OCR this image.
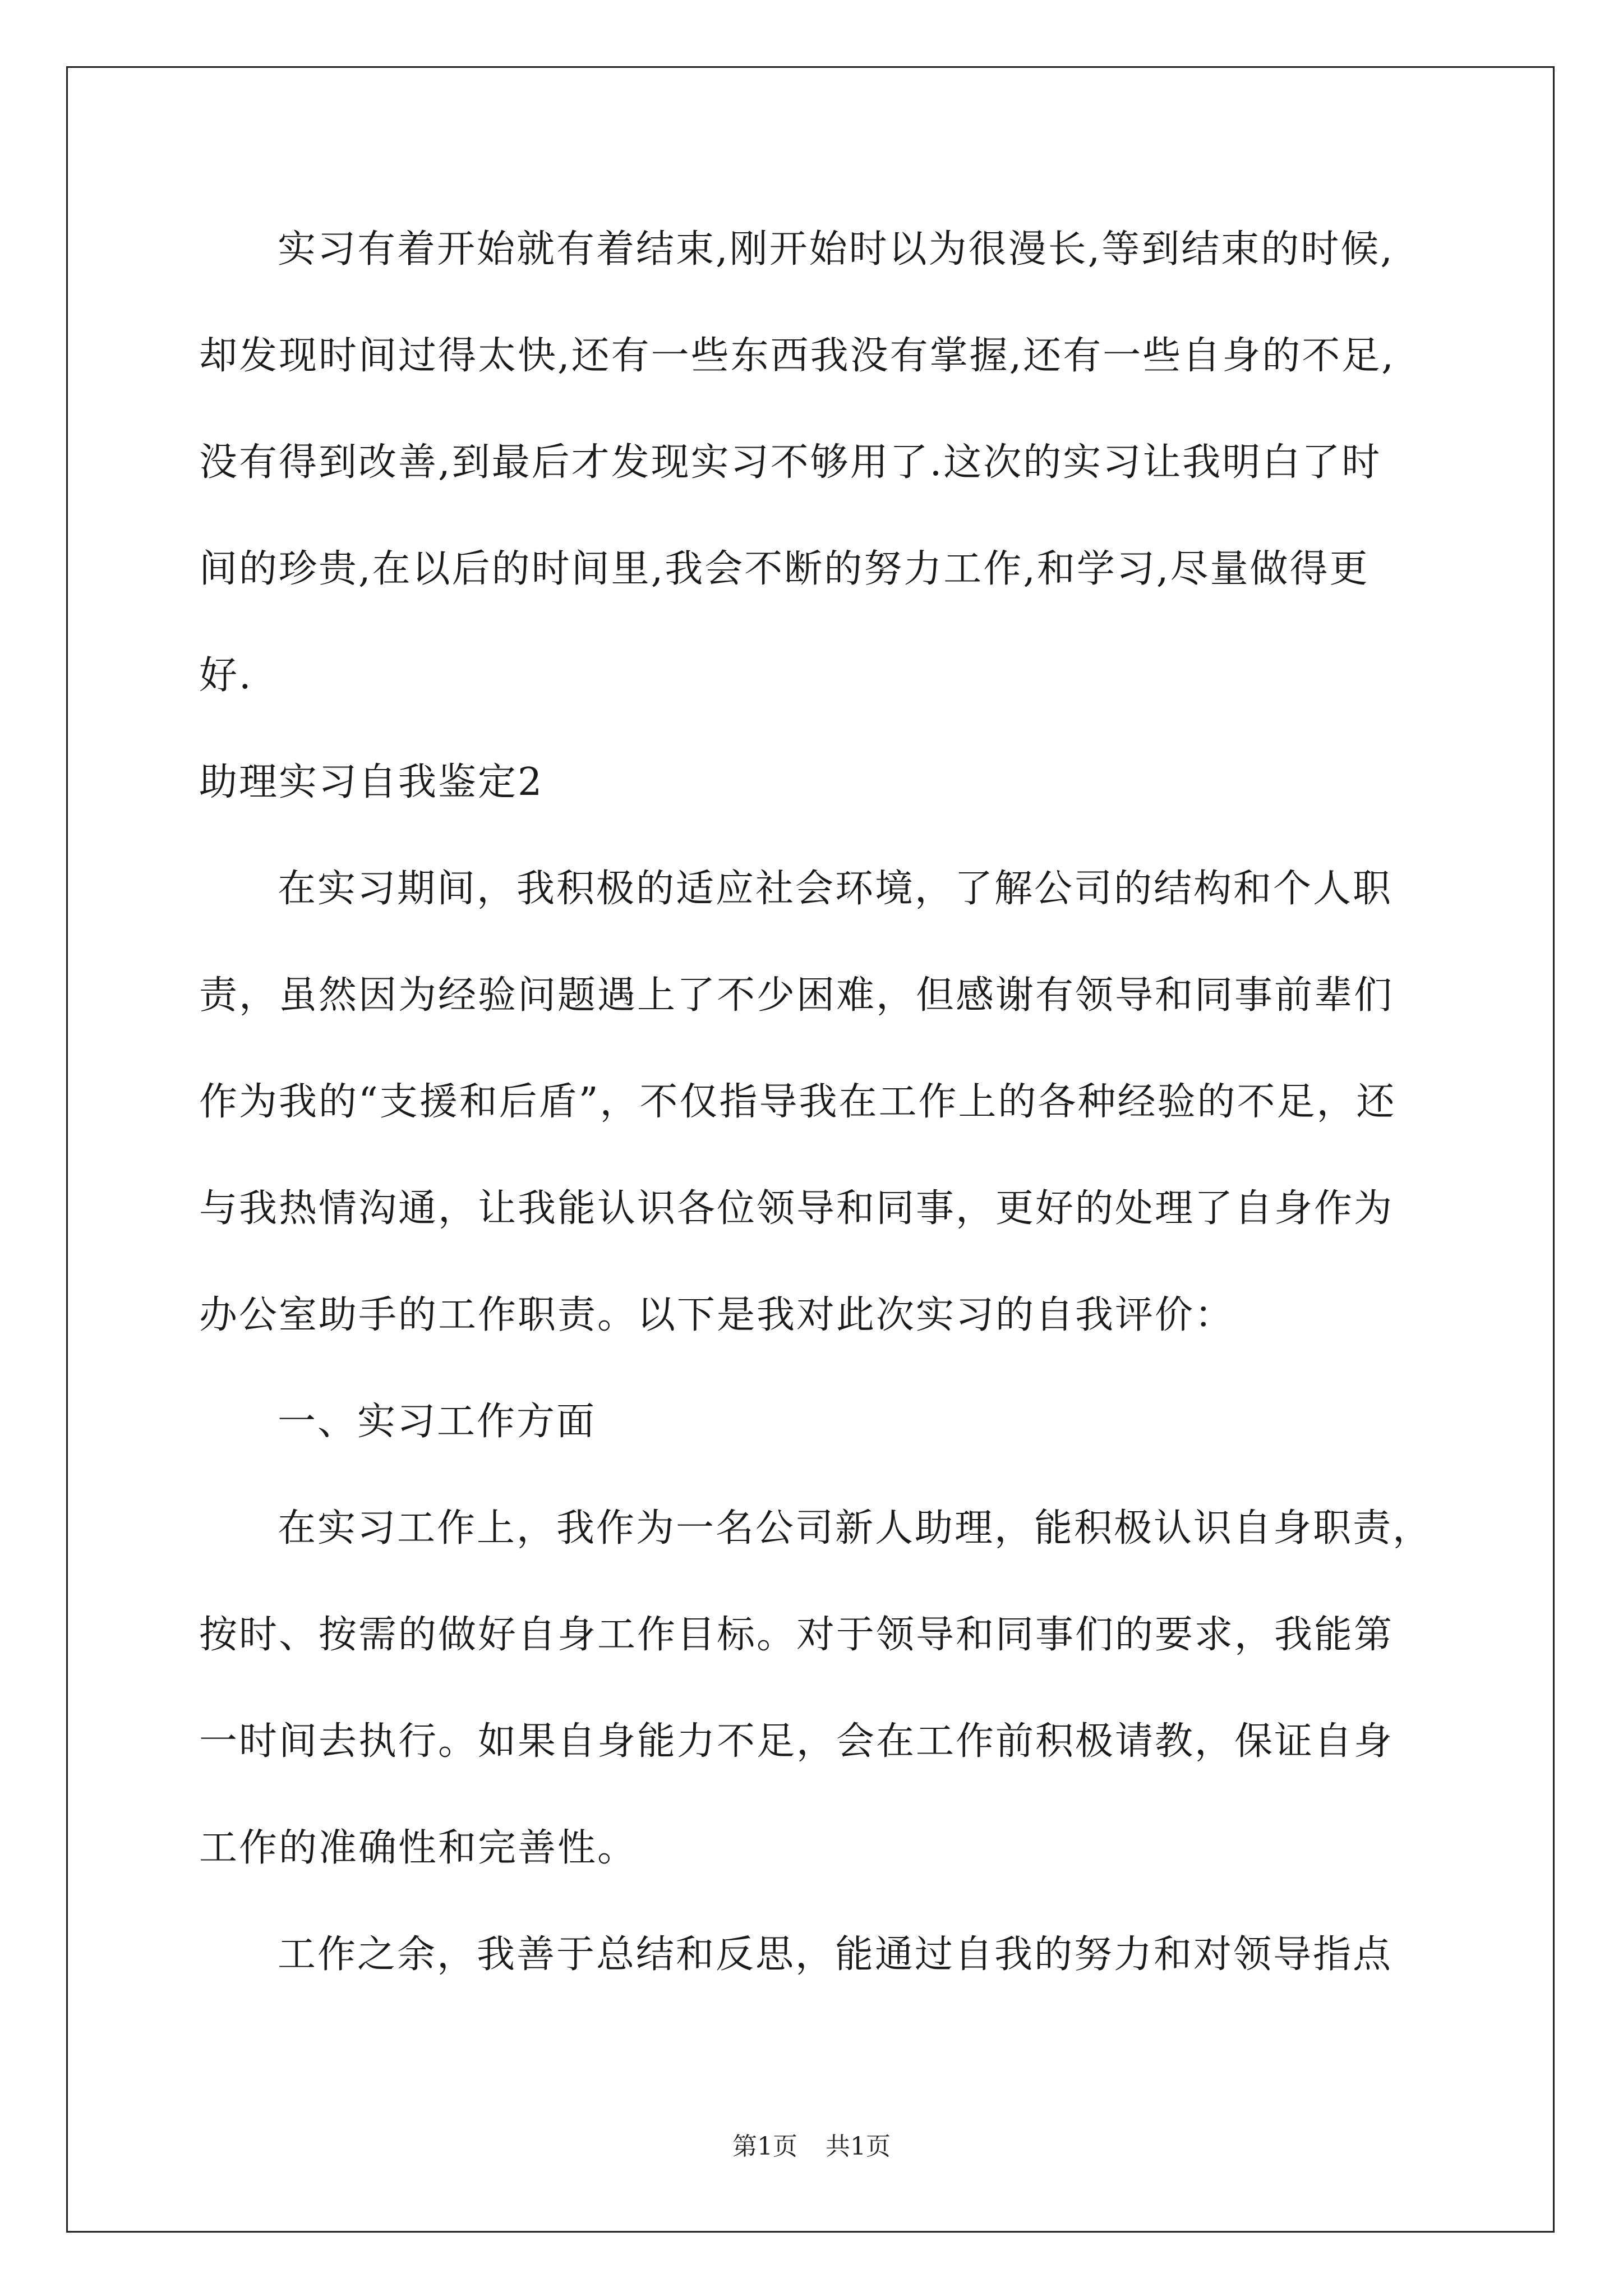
实习有着开始就有着结束,刚开始时以为很漫长,等到结束的时候,
却发现时间过得太快,还有一些东西我没有掌握,还有一些自身的不足,
没有得到改善,到最后才发现实习不够用了.这次的实习让我明白了时
间的珍贵,在以后的时间里,我会不断的努力工作,和学习,尽量做得更
好.
助理实习自我鉴定2
在实习期间，我积极的适应社会环境，了解公司的结构和个人职
责，虽然因为经验问题遇上了不少困难，但感谢有领导和同事前辈们
作为我的“支援和后盾”，不仅指导我在工作上的各种经验的不足，还
与我热情沟通，让我能认识各位领导和同事，更好的处理了自身作为
办公室助手的工作职责。以下是我对此次实习的自我评价：
一、实习工作方面
在实习工作上，我作为一名公司新人助理，能积极认识自身职责，
按时、按需的做好自身工作目标。对于领导和同事们的要求，我能第
一时间去执行。如果自身能力不足，会在工作前积极请教，保证自身
工作的准确性和完善性。
工作之余，我善于总结和反思，能通过自我的努力和对领导指点
第1页 共1页
